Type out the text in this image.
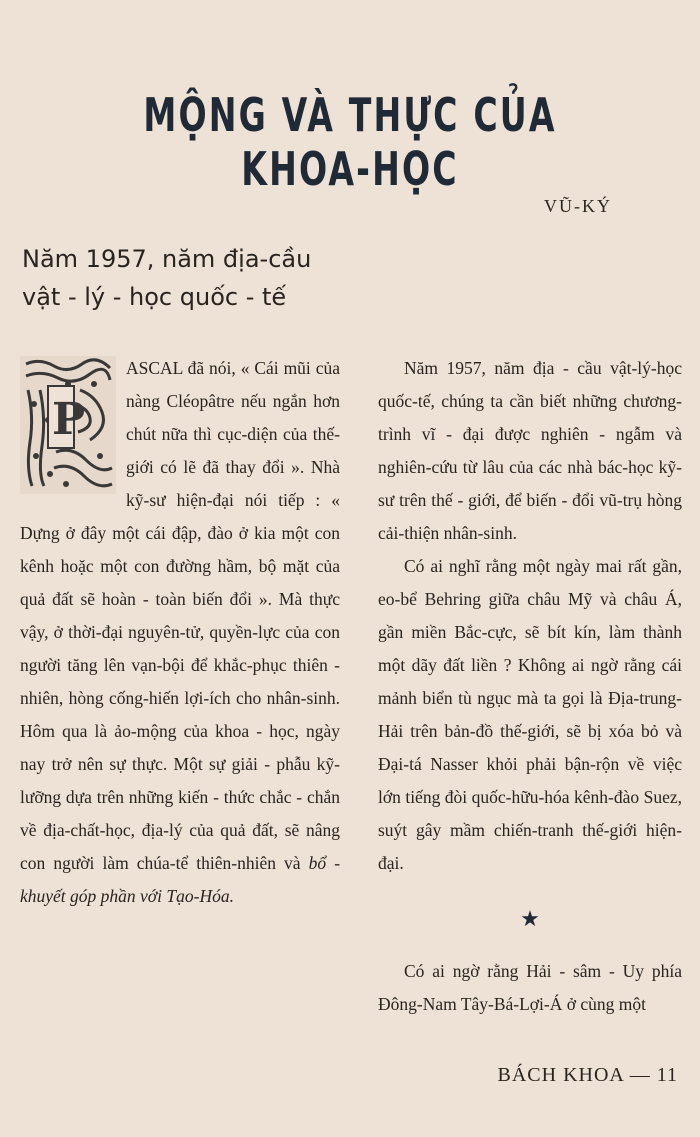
MỘNG VÀ THỰC CỦA KHOA-HỌC
VŨ-KÝ
Năm 1957, năm địa-cầu
vật - lý - học quốc - tế
P

ASCAL đã nói, « Cái mũi của nàng Cléopâtre nếu ngắn hơn chút nữa thì cục-diện của thế-giới có lẽ đã thay đổi ». Nhà kỹ-sư hiện-đại nói tiếp : « Dựng ở đây một cái đập, đào ở kia một con kênh hoặc một con đường hầm, bộ mặt của quả đất sẽ hoàn - toàn biến đổi ». Mà thực vậy, ở thời-đại nguyên-tử, quyền-lực của con người tăng lên vạn-bội để khắc-phục thiên - nhiên, hòng cống-hiến lợi-ích cho nhân-sinh. Hôm qua là ảo-mộng của khoa - học, ngày nay trở nên sự thực. Một sự giải - phẫu kỹ-lưỡng dựa trên những kiến - thức chắc - chắn về địa-chất-học, địa-lý của quả đất, sẽ nâng con người làm chúa-tể thiên-nhiên và bổ - khuyết góp phần với Tạo-Hóa.

Năm 1957, năm địa - cầu vật-lý-học quốc-tế, chúng ta cần biết những chương-trình vĩ - đại được nghiên - ngẫm và nghiên-cứu từ lâu của các nhà bác-học kỹ-sư trên thế - giới, để biến - đổi vũ-trụ hòng cải-thiện nhân-sinh.

Có ai nghĩ rằng một ngày mai rất gần, eo-bể Behring giữa châu Mỹ và châu Á, gần miền Bắc-cực, sẽ bít kín, làm thành một dãy đất liền ? Không ai ngờ rằng cái mảnh biển tù ngục mà ta gọi là Địa-trung-Hải trên bản-đồ thế-giới, sẽ bị xóa bỏ và Đại-tá Nasser khỏi phải bận-rộn về việc lớn tiếng đòi quốc-hữu-hóa kênh-đào Suez, suýt gây mầm chiến-tranh thế-giới hiện-đại.

★

Có ai ngờ rằng Hải - sâm - Uy phía Đông-Nam Tây-Bá-Lợi-Á ở cùng một

BÁCH KHOA — 11
